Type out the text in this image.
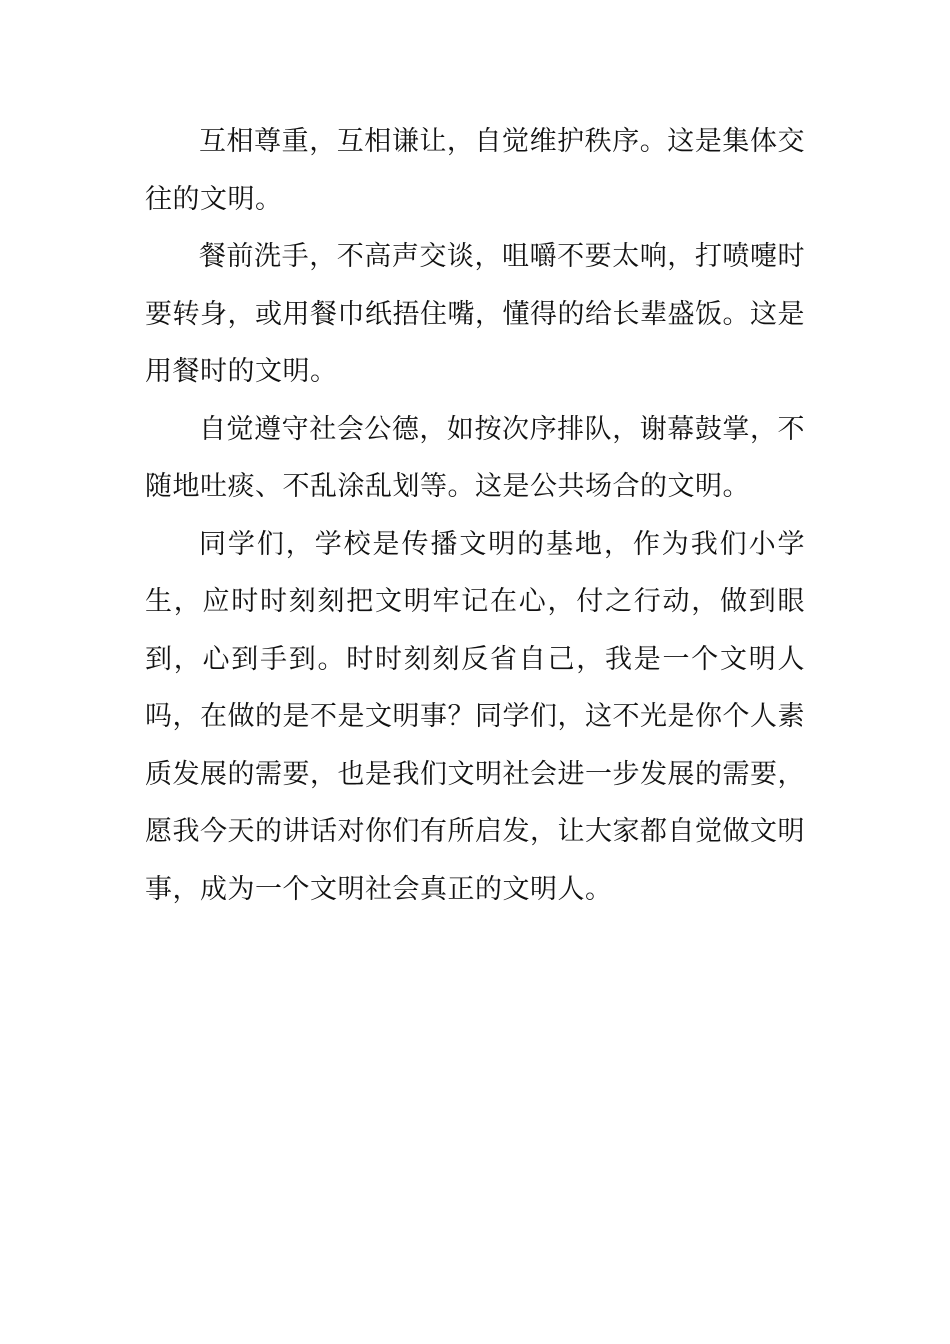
互相尊重，互相谦让，自觉维护秩序。这是集体交往的文明。

餐前洗手，不高声交谈，咀嚼不要太响，打喷嚏时要转身，或用餐巾纸捂住嘴，懂得的给长辈盛饭。这是用餐时的文明。

自觉遵守社会公德，如按次序排队，谢幕鼓掌，不随地吐痰、不乱涂乱划等。这是公共场合的文明。

同学们，学校是传播文明的基地，作为我们小学生，应时时刻刻把文明牢记在心，付之行动，做到眼到，心到手到。时时刻刻反省自己，我是一个文明人吗，在做的是不是文明事？同学们，这不光是你个人素质发展的需要，也是我们文明社会进一步发展的需要，愿我今天的讲话对你们有所启发，让大家都自觉做文明事，成为一个文明社会真正的文明人。
